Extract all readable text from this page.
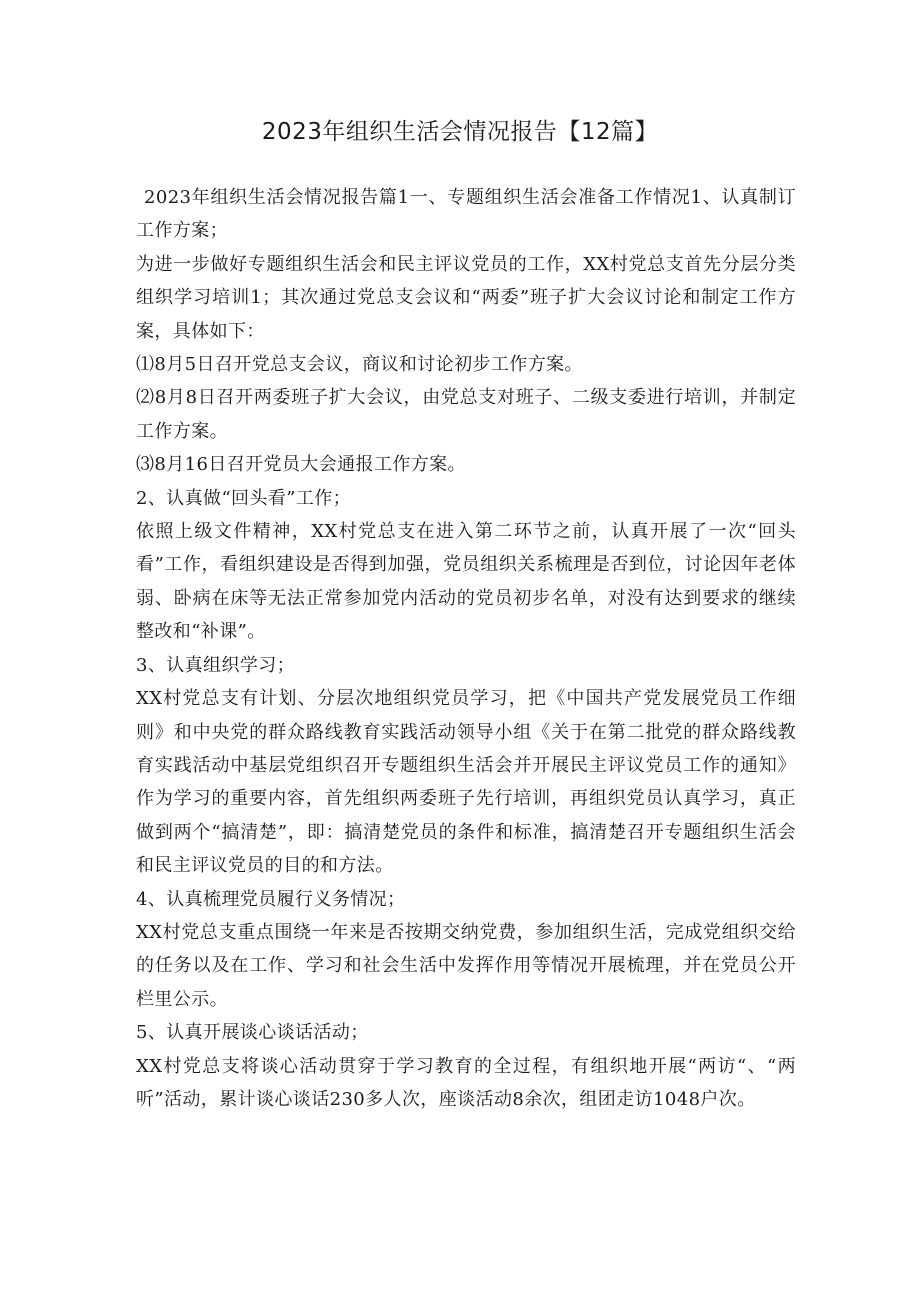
2023年组织生活会情况报告【12篇】

2023年组织生活会情况报告篇1一、专题组织生活会准备工作情况1、认真制订工作方案；

为进一步做好专题组织生活会和民主评议党员的工作，XX村党总支首先分层分类组织学习培训1；其次通过党总支会议和“两委”班子扩大会议讨论和制定工作方案，具体如下：

⑴8月5日召开党总支会议，商议和讨论初步工作方案。

⑵8月8日召开两委班子扩大会议，由党总支对班子、二级支委进行培训，并制定工作方案。

⑶8月16日召开党员大会通报工作方案。

2、认真做“回头看”工作；

依照上级文件精神，XX村党总支在进入第二环节之前，认真开展了一次“回头看”工作，看组织建设是否得到加强，党员组织关系梳理是否到位，讨论因年老体弱、卧病在床等无法正常参加党内活动的党员初步名单，对没有达到要求的继续整改和“补课”。

3、认真组织学习；

XX村党总支有计划、分层次地组织党员学习，把《中国共产党发展党员工作细则》和中央党的群众路线教育实践活动领导小组《关于在第二批党的群众路线教育实践活动中基层党组织召开专题组织生活会并开展民主评议党员工作的通知》作为学习的重要内容，首先组织两委班子先行培训，再组织党员认真学习，真正做到两个“搞清楚”，即：搞清楚党员的条件和标准，搞清楚召开专题组织生活会和民主评议党员的目的和方法。

4、认真梳理党员履行义务情况；

XX村党总支重点围绕一年来是否按期交纳党费，参加组织生活，完成党组织交给的任务以及在工作、学习和社会生活中发挥作用等情况开展梳理，并在党员公开栏里公示。

5、认真开展谈心谈话活动；

XX村党总支将谈心活动贯穿于学习教育的全过程，有组织地开展“两访“、“两听”活动，累计谈心谈话230多人次，座谈活动8余次，组团走访1048户次。
